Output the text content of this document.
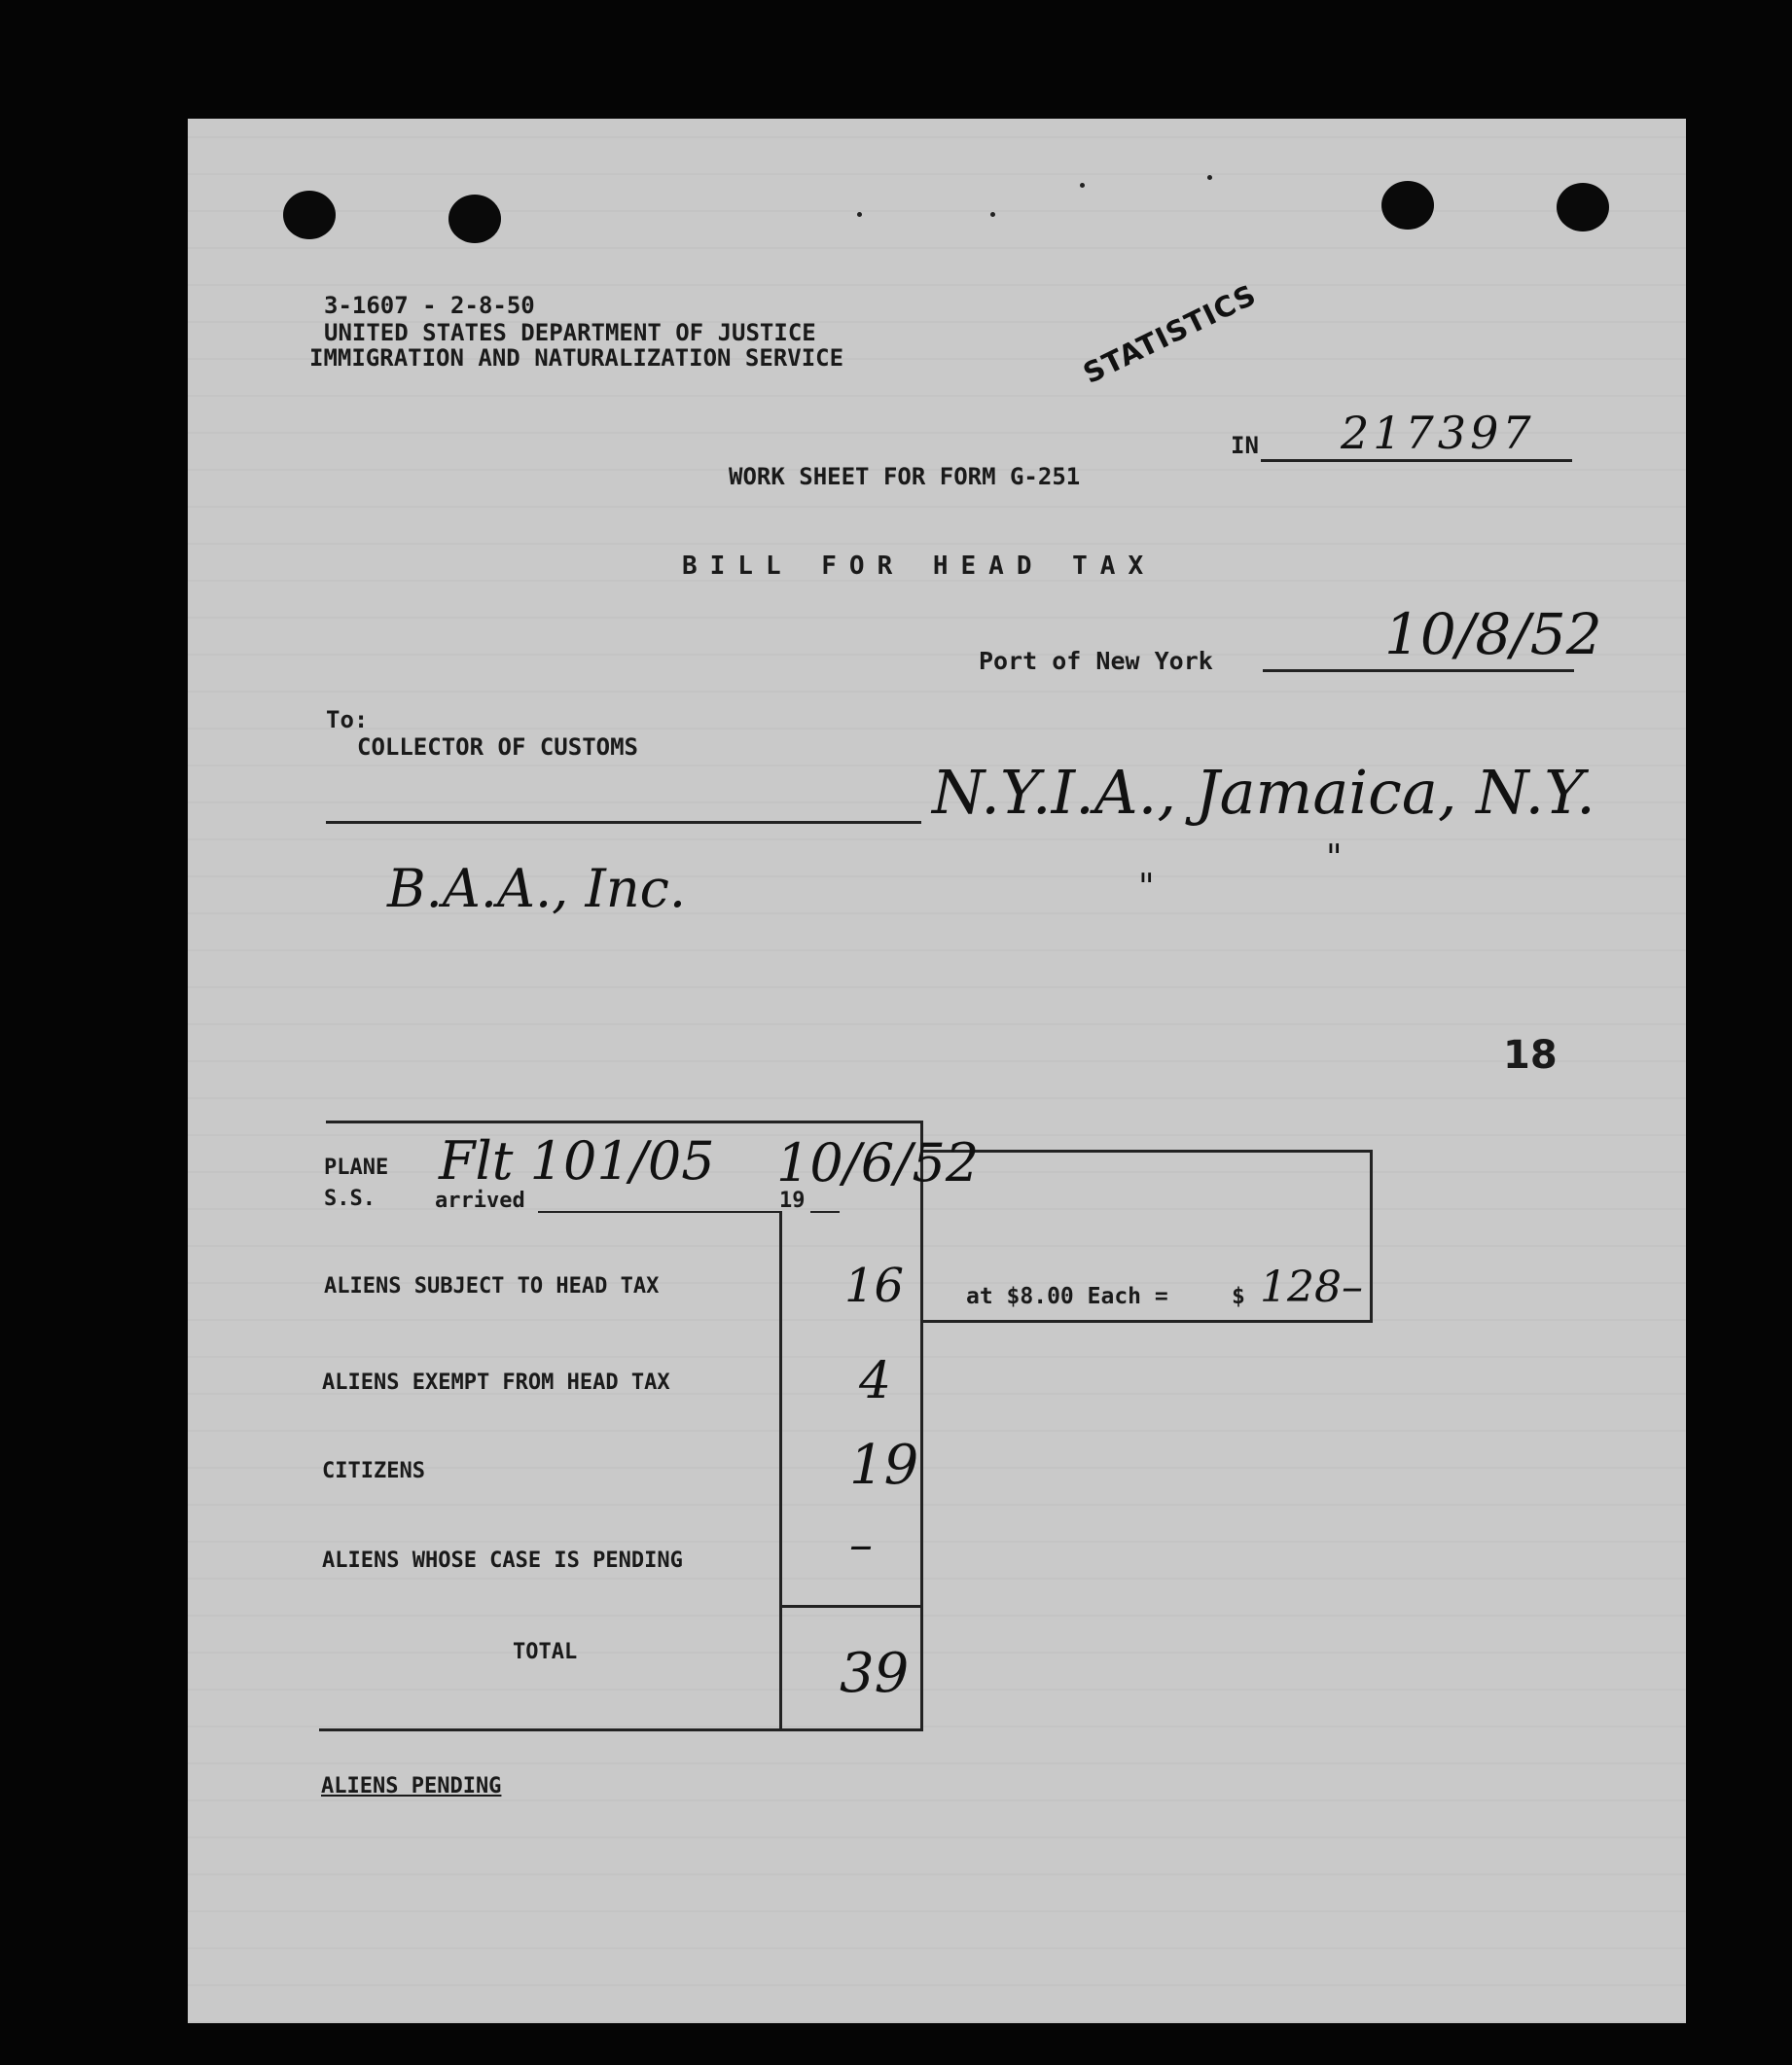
3-1607 - 2-8-50
UNITED STATES DEPARTMENT OF JUSTICE
IMMIGRATION AND NATURALIZATION SERVICE	STATISTICS
IN 217397
WORK SHEET FOR FORM G-251
BILL FOR HEAD TAX
Port of New York	10/8/52
To:
COLLECTOR OF CUSTOMS
N.Y.I.A., Jamaica, N.Y.
B.A.A., Inc.	"
"
18
PLANE
S.S.	arrived	19
Flt 101/05 10/6/52
ALIENS SUBJECT TO HEAD TAX	16
ALIENS EXEMPT FROM HEAD TAX	4
CITIZENS	19
ALIENS WHOSE CASE IS PENDING	–
TOTAL	39
at $8.00 Each =	$ 128–
ALIENS PENDING
